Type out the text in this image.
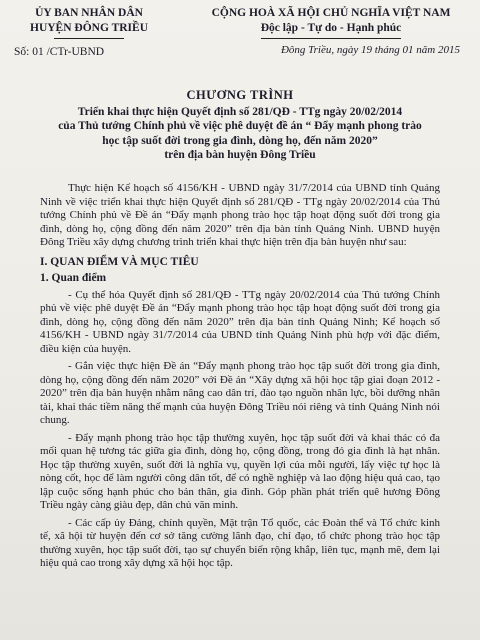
ỦY BAN NHÂN DÂN
HUYỆN ĐÔNG TRIỀU
Số: 01 /CTr-UBND
CỘNG HOÀ XÃ HỘI CHỦ NGHĨA VIỆT NAM
Độc lập - Tự do - Hạnh phúc
Đông Triều, ngày 19 tháng 01 năm 2015
CHƯƠNG TRÌNH
Triển khai thực hiện Quyết định số 281/QĐ - TTg ngày 20/02/2014
của Thủ tướng Chính phủ về việc phê duyệt đề án “ Đẩy mạnh phong trào
học tập suốt đời trong gia đình, dòng họ, đến năm 2020”
trên địa bàn huyện Đông Triều

Thực hiện Kế hoạch số 4156/KH - UBND ngày 31/7/2014 của UBND tỉnh Quảng Ninh về việc triển khai thực hiện Quyết định số 281/QĐ - TTg ngày 20/02/2014 của Thủ tướng Chính phủ về Đề án “Đẩy mạnh phong trào học tập hoạt động suốt đời trong gia đình, dòng họ, cộng đồng đến năm 2020” trên địa bàn tỉnh Quảng Ninh. UBND huyện Đông Triều xây dựng chương trình triển khai thực hiện trên địa bàn huyện như sau:

I. QUAN ĐIỂM VÀ MỤC TIÊU
1. Quan điểm

- Cụ thể hóa Quyết định số 281/QĐ - TTg ngày 20/02/2014 của Thủ tướng Chính phủ về việc phê duyệt Đề án “Đẩy mạnh phong trào học tập hoạt động suốt đời trong gia đình, dòng họ, cộng đồng đến năm 2020” trên địa bàn tỉnh Quảng Ninh; Kế hoạch số 4156/KH - UBND ngày 31/7/2014 của UBND tỉnh Quảng Ninh phù hợp với đặc điểm, điều kiện của huyện.

- Gắn việc thực hiện Đề án “Đẩy mạnh phong trào học tập suốt đời trong gia đình, dòng họ, cộng đồng đến năm 2020” với Đề án “Xây dựng xã hội học tập giai đoạn 2012 - 2020” trên địa bàn huyện nhằm nâng cao dân trí, đào tạo nguồn nhân lực, bồi dưỡng nhân tài, khai thác tiềm năng thế mạnh của huyện Đông Triều nói riêng và tỉnh Quảng Ninh nói chung.

- Đẩy mạnh phong trào học tập thường xuyên, học tập suốt đời và khai thác có đa mối quan hệ tương tác giữa gia đình, dòng họ, cộng đồng, trong đó gia đình là hạt nhân. Học tập thường xuyên, suốt đời là nghĩa vụ, quyền lợi của mỗi người, lấy việc tự học là nòng cốt, học để làm người công dân tốt, để có nghề nghiệp và lao động hiệu quả cao, tạo lập cuộc sống hạnh phúc cho bản thân, gia đình. Góp phần phát triển quê hương Đông Triều ngày càng giàu đẹp, dân chủ văn minh.

- Các cấp ủy Đảng, chính quyền, Mặt trận Tổ quốc, các Đoàn thể và Tổ chức kinh tế, xã hội từ huyện đến cơ sở tăng cường lãnh đạo, chỉ đạo, tổ chức phong trào học tập thường xuyên, học tập suốt đời, tạo sự chuyển biến rộng khắp, liên tục, mạnh mẽ, đem lại hiệu quả cao trong xây dựng xã hội học tập.
